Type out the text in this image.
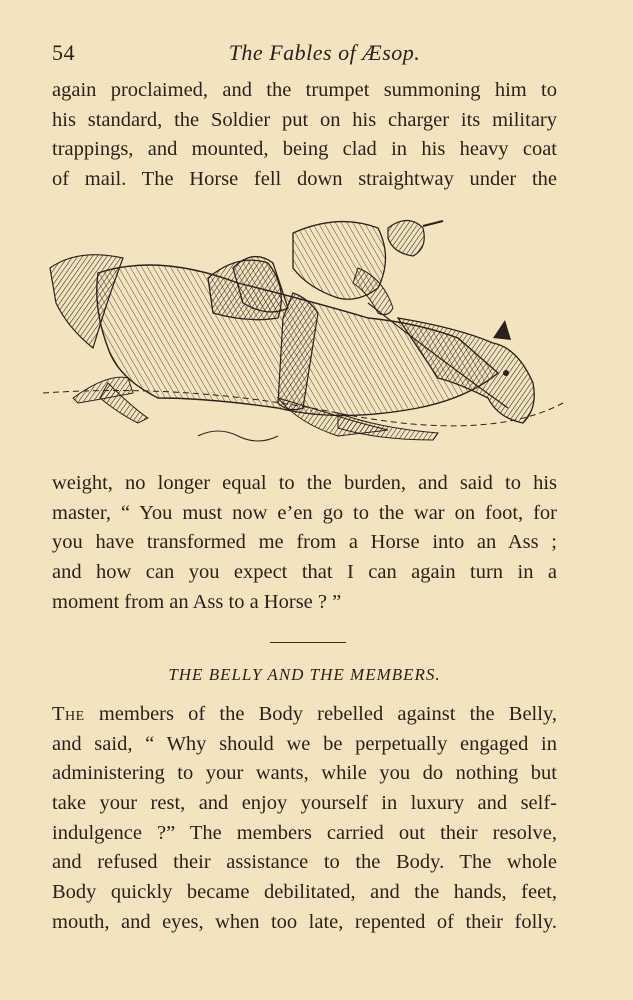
54	The Fables of Æsop.
again proclaimed, and the trumpet summoning him to
his standard, the Soldier put on his charger its military
trappings, and mounted, being clad in his heavy coat
of mail. The Horse fell down straightway under the
weight, no longer equal to the burden, and said to his
master, “ You must now e’en go to the war on foot, for
you have transformed me from a Horse into an Ass ;
and how can you expect that I can again turn in a
moment from an Ass to a Horse ? ”
THE BELLY AND THE MEMBERS.
The members of the Body rebelled against the Belly,
and said, “ Why should we be perpetually engaged in
administering to your wants, while you do nothing but
take your rest, and enjoy yourself in luxury and self-
indulgence ?” The members carried out their resolve,
and refused their assistance to the Body. The whole
Body quickly became debilitated, and the hands, feet,
mouth, and eyes, when too late, repented of their folly.
